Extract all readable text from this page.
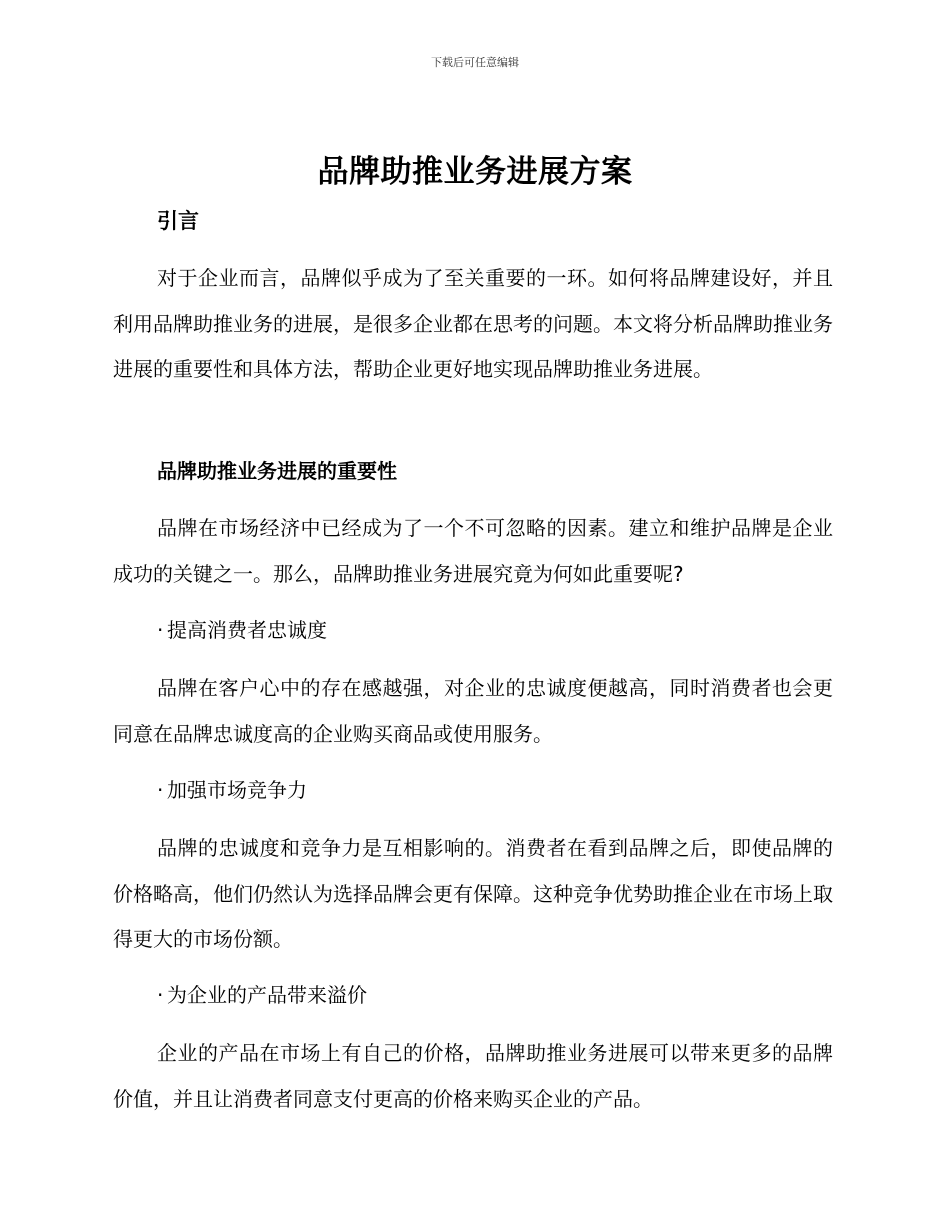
下载后可任意编辑
品牌助推业务进展方案
引言

对于企业而言，品牌似乎成为了至关重要的一环。如何将品牌建设好，并且利用品牌助推业务的进展，是很多企业都在思考的问题。本文将分析品牌助推业务进展的重要性和具体方法，帮助企业更好地实现品牌助推业务进展。

品牌助推业务进展的重要性

品牌在市场经济中已经成为了一个不可忽略的因素。建立和维护品牌是企业成功的关键之一。那么，品牌助推业务进展究竟为何如此重要呢?

· 提高消费者忠诚度

品牌在客户心中的存在感越强，对企业的忠诚度便越高，同时消费者也会更同意在品牌忠诚度高的企业购买商品或使用服务。

· 加强市场竞争力

品牌的忠诚度和竞争力是互相影响的。消费者在看到品牌之后，即使品牌的价格略高，他们仍然认为选择品牌会更有保障。这种竞争优势助推企业在市场上取得更大的市场份额。

· 为企业的产品带来溢价

企业的产品在市场上有自己的价格，品牌助推业务进展可以带来更多的品牌价值，并且让消费者同意支付更高的价格来购买企业的产品。
